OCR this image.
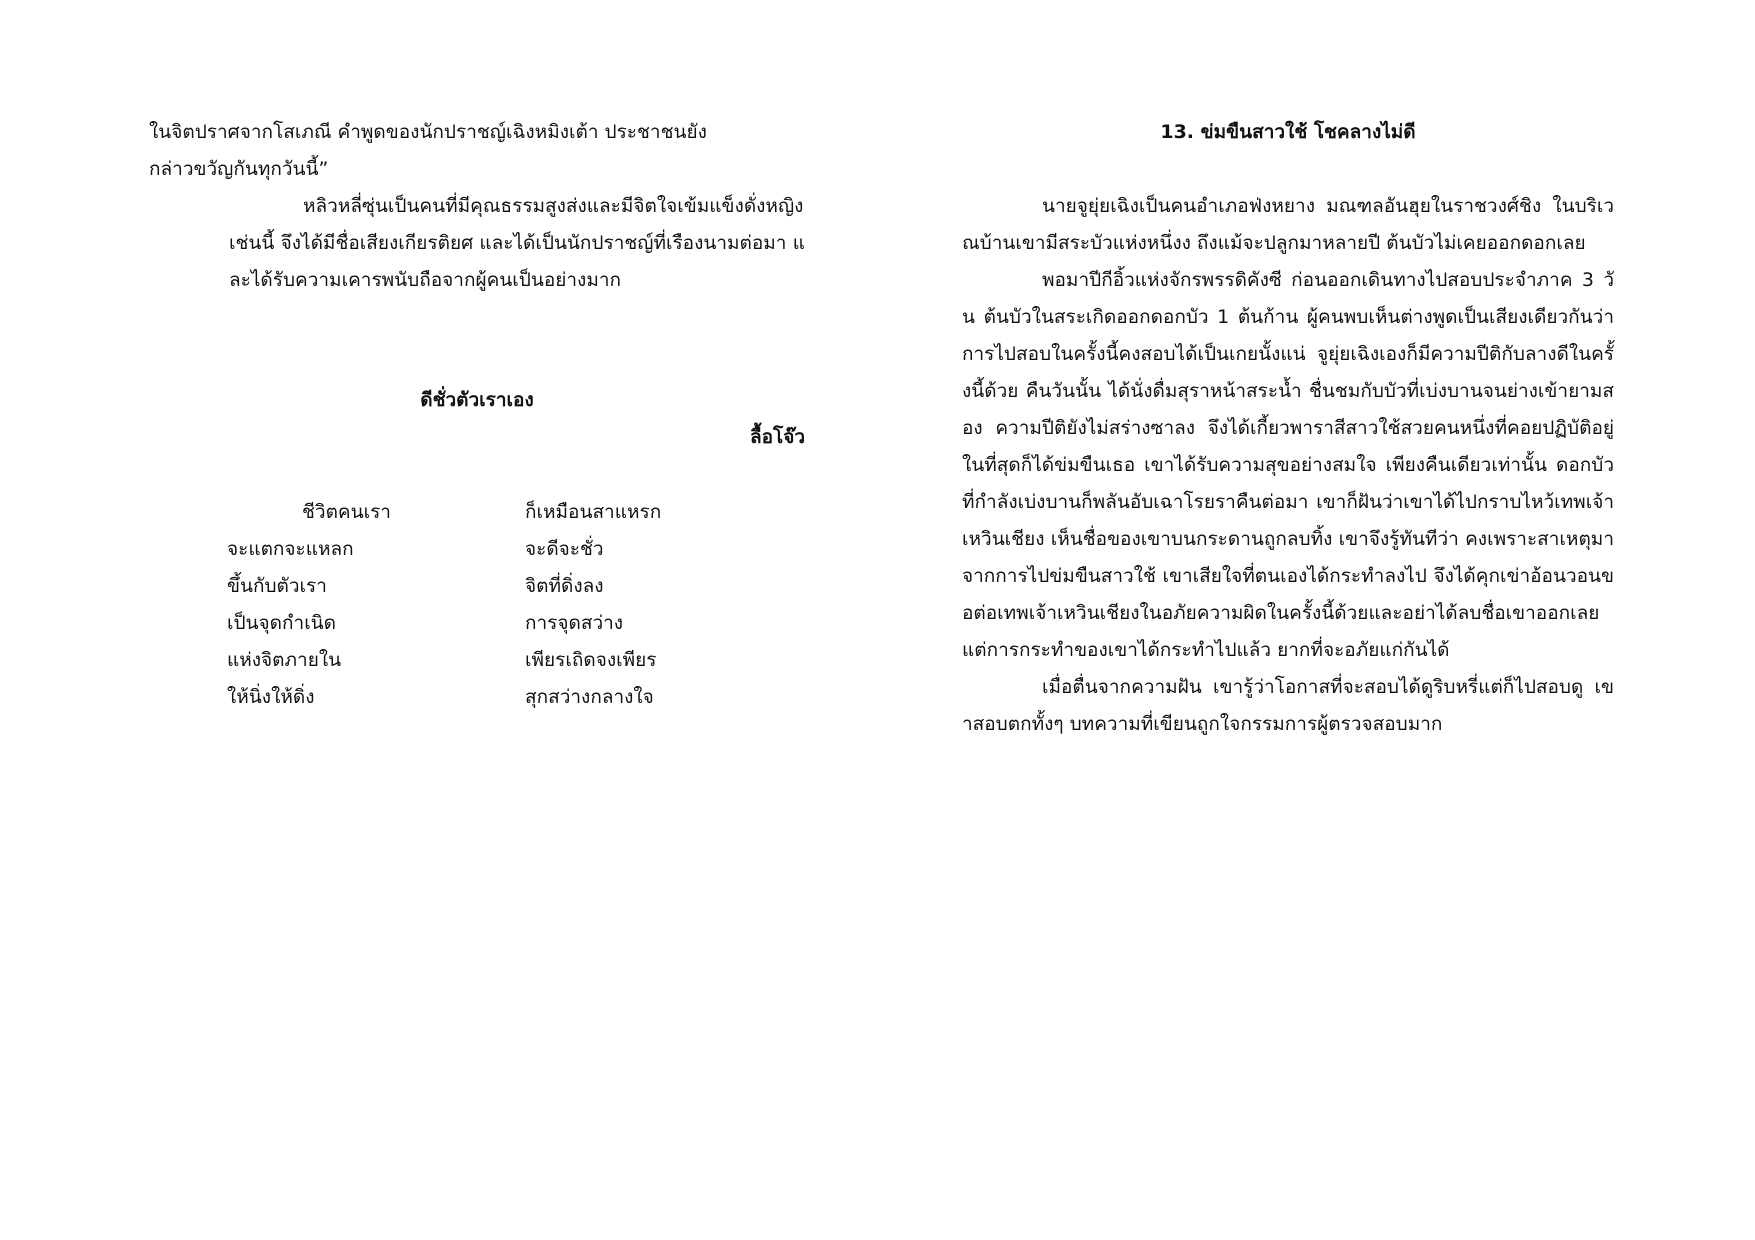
ในจิตปราศจากโสเภณี คำพูดของนักปราชญ์เฉิงหมิงเต้า ประชาชนยัง

กล่าวขวัญกันทุกวันนี้”

หลิวหลี่ซุ่นเป็นคนที่มีคุณธรรมสูงส่งและมีจิตใจเข้มแข็งดั่งหญิงเช่นนี้ จึงได้มีชื่อเสียงเกียรติยศ และได้เป็นนักปราชญ์ที่เรืองนามต่อมา และได้รับความเคารพนับถือจากผู้คนเป็นอย่างมาก

ดีชั่วตัวเราเอง

ลื้อโจ๊ว

ชีวิตคนเรา	ก็เหมือนสาแหรก
จะแตกจะแหลก	จะดีจะชั่ว
ขึ้นกับตัวเรา	จิตที่ดิ่งลง
เป็นจุดกำเนิด	การจุดสว่าง
แห่งจิตภายใน	เพียรเถิดจงเพียร
ให้นิ่งให้ดิ่ง	สุกสว่างกลางใจ

13. ข่มขืนสาวใช้ โชคลางไม่ดี

นายจูยุ่ยเฉิงเป็นคนอำเภอฟ่งหยาง มณฑลอันฮุยในราชวงศ์ชิง ในบริเวณบ้านเขามีสระบัวแห่งหนึ่งง ถึงแม้จะปลูกมาหลายปี ต้นบัวไม่เคยออกดอกเลย

พอมาปีกีอิ้วแห่งจักรพรรดิคังซี ก่อนออกเดินทางไปสอบประจำภาค 3 วัน ต้นบัวในสระเกิดออกดอกบัว 1 ต้นก้าน ผู้คนพบเห็นต่างพูดเป็นเสียงเดียวกันว่า การไปสอบในครั้งนี้คงสอบได้เป็นเกยนั้งแน่ จูยุ่ยเฉิงเองก็มีความปีติกับลางดีในครั้งนี้ด้วย คืนวันนั้น ได้นั่งดื่มสุราหน้าสระน้ำ ชื่นชมกับบัวที่เบ่งบานจนย่างเข้ายามสอง ความปีติยังไม่สร่างซาลง จึงได้เกี้ยวพาราสีสาวใช้สวยคนหนึ่งที่คอยปฏิบัติอยู่ ในที่สุดก็ได้ข่มขืนเธอ เขาได้รับความสุขอย่างสมใจ เพียงคืนเดียวเท่านั้น ดอกบัวที่กำลังเบ่งบานก็พลันอับเฉาโรยราคืนต่อมา เขาก็ฝันว่าเขาได้ไปกราบไหว้เทพเจ้าเหวินเชียง เห็นชื่อของเขาบนกระดานถูกลบทิ้ง เขาจึงรู้ทันทีว่า คงเพราะสาเหตุมาจากการไปข่มขืนสาวใช้ เขาเสียใจที่ตนเองได้กระทำลงไป จึงได้คุกเข่าอ้อนวอนขอต่อเทพเจ้าเหวินเชียงในอภัยความผิดในครั้งนี้ด้วยและอย่าได้ลบชื่อเขาออกเลย แต่การกระทำของเขาได้กระทำไปแล้ว ยากที่จะอภัยแก่กันได้

เมื่อตื่นจากความฝัน เขารู้ว่าโอกาสที่จะสอบได้ดูริบหรี่แต่ก็ไปสอบดู เขาสอบตกทั้งๆ บทความที่เขียนถูกใจกรรมการผู้ตรวจสอบมาก
